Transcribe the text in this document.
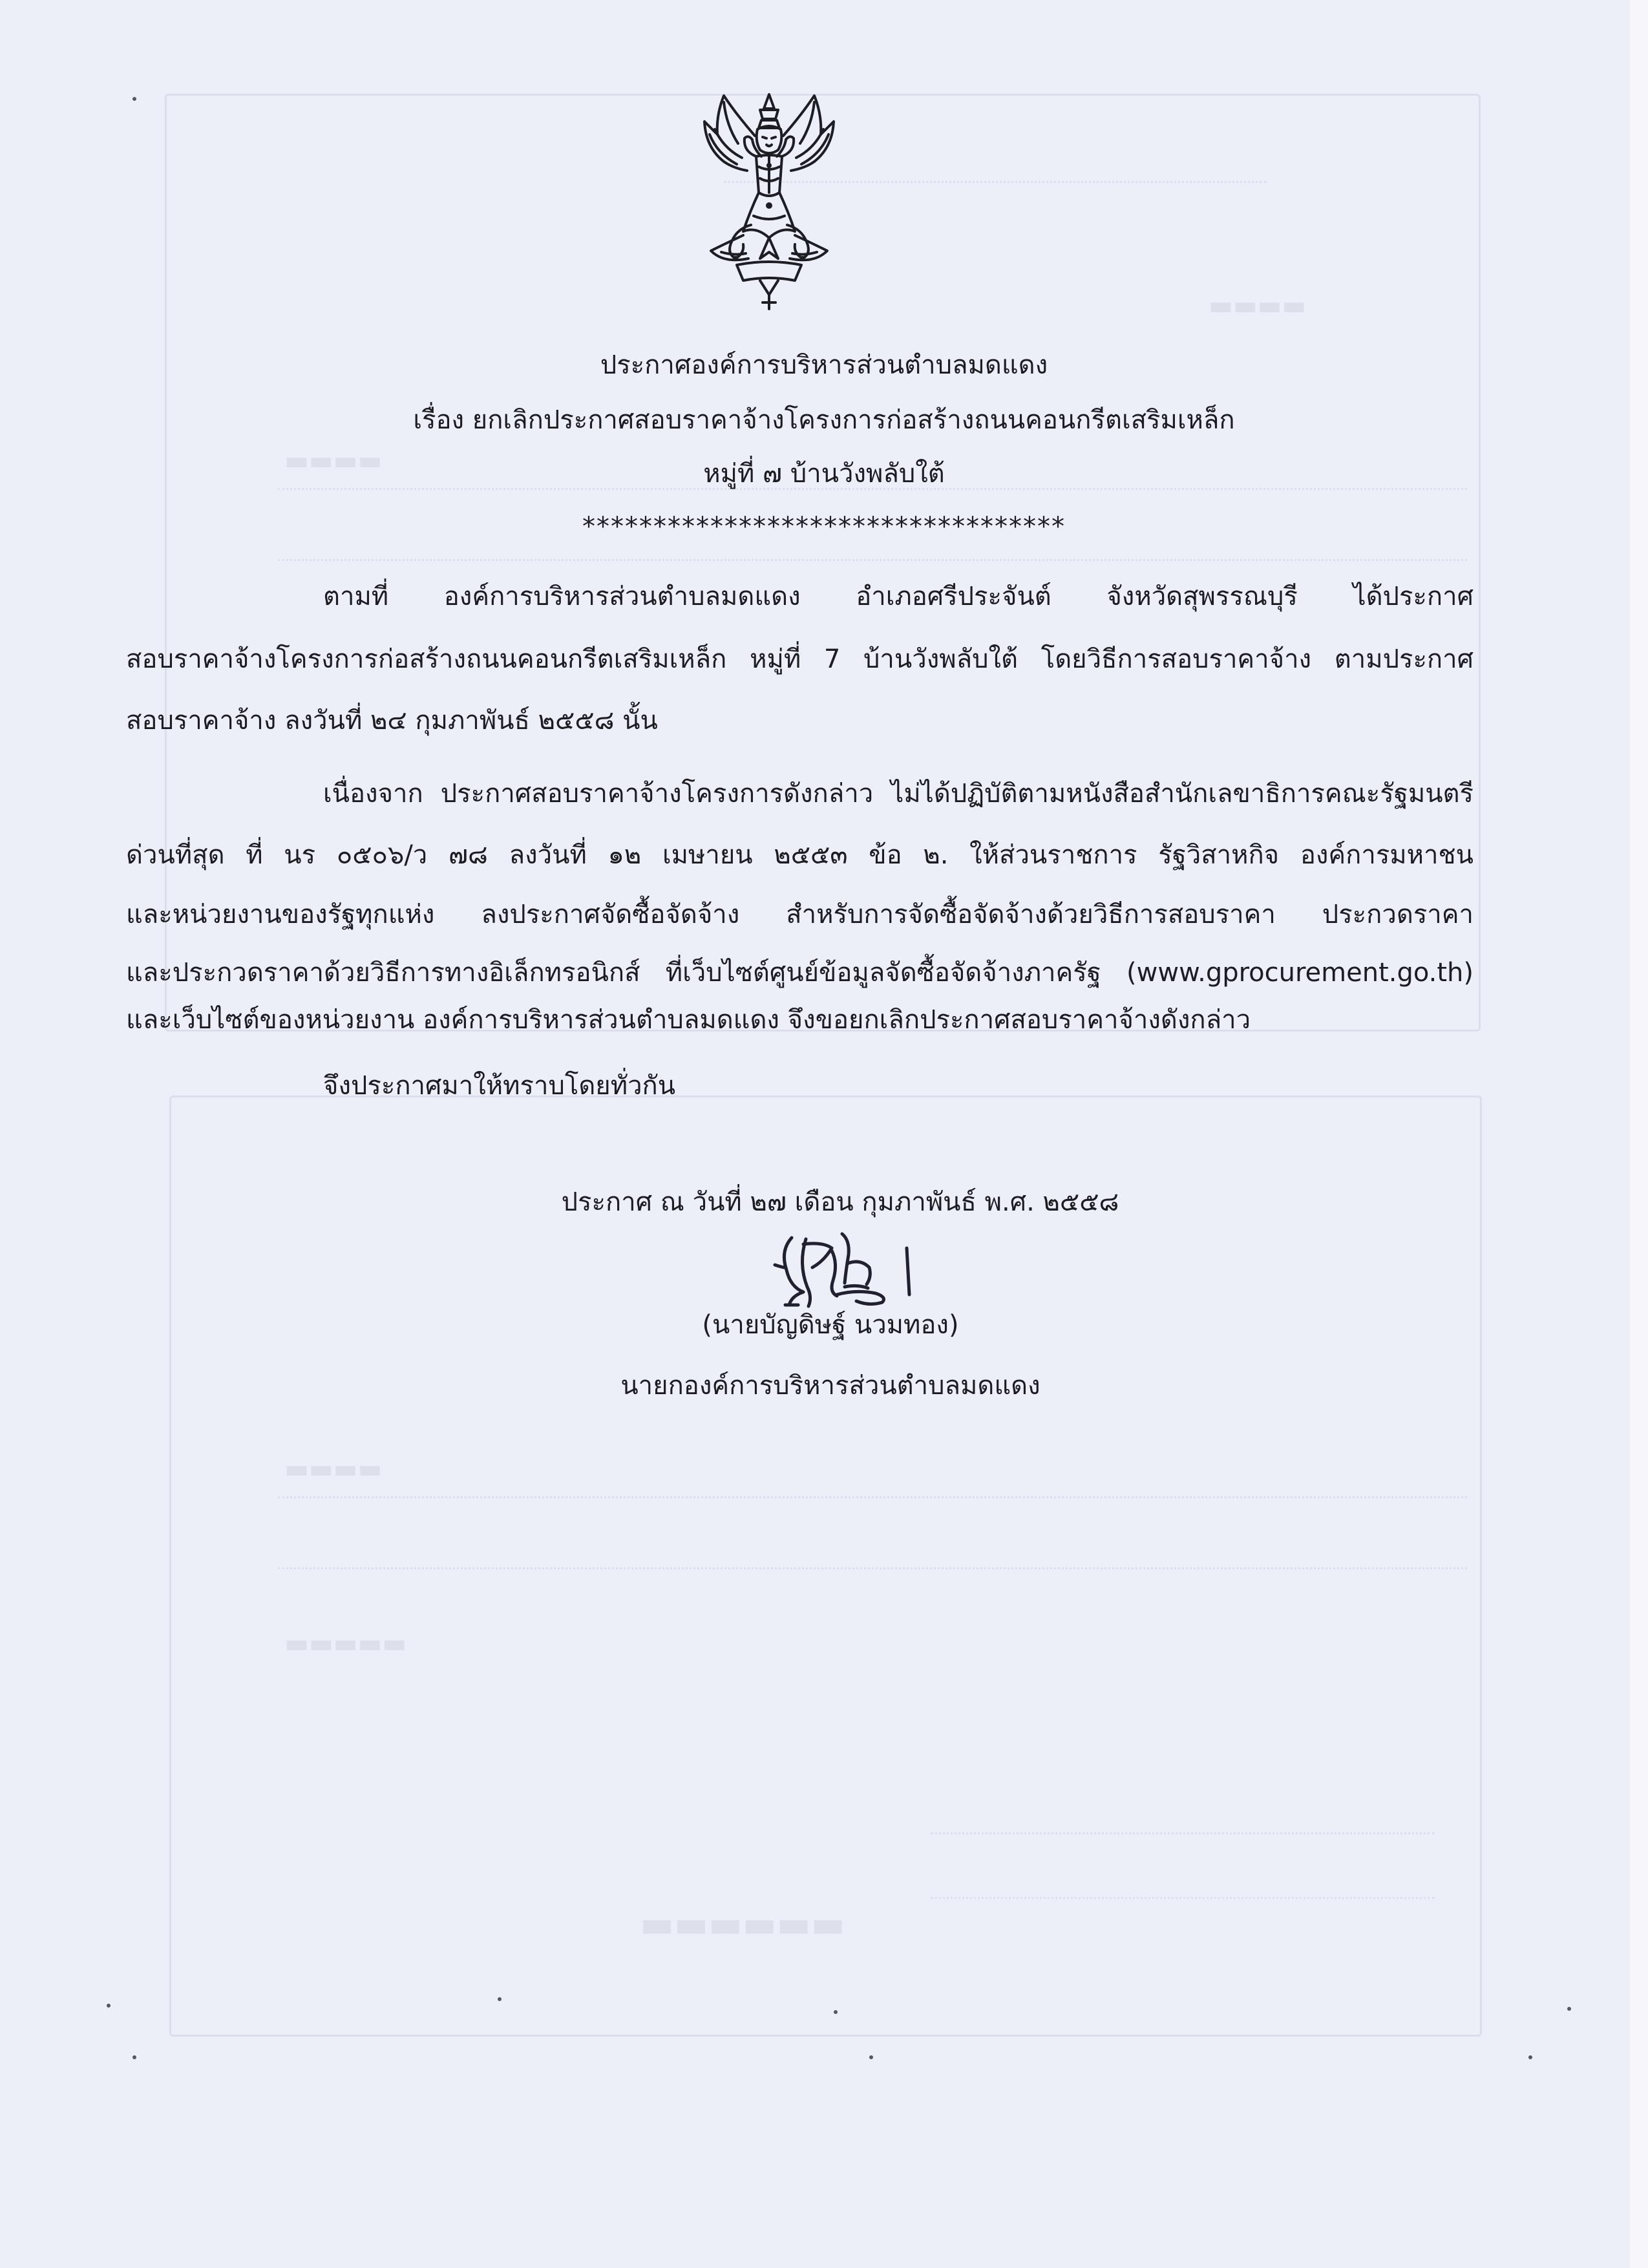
▬▬▬▬
▬▬▬▬
▬▬▬▬
▬▬▬▬▬
▬▬▬▬▬▬
ประกาศองค์การบริหารส่วนตำบลมดแดง
เรื่อง ยกเลิกประกาศสอบราคาจ้างโครงการก่อสร้างถนนคอนกรีตเสริมเหล็ก
หมู่ที่ ๗ บ้านวังพลับใต้
**********************************
ตามที่ องค์การบริหารส่วนตำบลมดแดง อำเภอศรีประจันต์ จังหวัดสุพรรณบุรี ได้ประกาศ
สอบราคาจ้างโครงการก่อสร้างถนนคอนกรีตเสริมเหล็ก หมู่ที่ 7 บ้านวังพลับใต้ โดยวิธีการสอบราคาจ้าง ตามประกาศ
สอบราคาจ้าง ลงวันที่ ๒๔ กุมภาพันธ์ ๒๕๕๘ นั้น
เนื่องจาก ประกาศสอบราคาจ้างโครงการดังกล่าว ไม่ได้ปฏิบัติตามหนังสือสำนักเลขาธิการคณะรัฐมนตรี
ด่วนที่สุด ที่ นร ๐๕๐๖/ว ๗๘ ลงวันที่ ๑๒ เมษายน ๒๕๕๓ ข้อ ๒. ให้ส่วนราชการ รัฐวิสาหกิจ องค์การมหาชน
และหน่วยงานของรัฐทุกแห่ง ลงประกาศจัดซื้อจัดจ้าง สำหรับการจัดซื้อจัดจ้างด้วยวิธีการสอบราคา ประกวดราคา
และประกวดราคาด้วยวิธีการทางอิเล็กทรอนิกส์ ที่เว็บไซต์ศูนย์ข้อมูลจัดซื้อจัดจ้างภาครัฐ (www.gprocurement.go.th)
และเว็บไซต์ของหน่วยงาน องค์การบริหารส่วนตำบลมดแดง จึงขอยกเลิกประกาศสอบราคาจ้างดังกล่าว
จึงประกาศมาให้ทราบโดยทั่วกัน
ประกาศ ณ วันที่ ๒๗ เดือน กุมภาพันธ์ พ.ศ. ๒๕๕๘
(นายบัญดิษฐ์ นวมทอง)
นายกองค์การบริหารส่วนตำบลมดแดง
